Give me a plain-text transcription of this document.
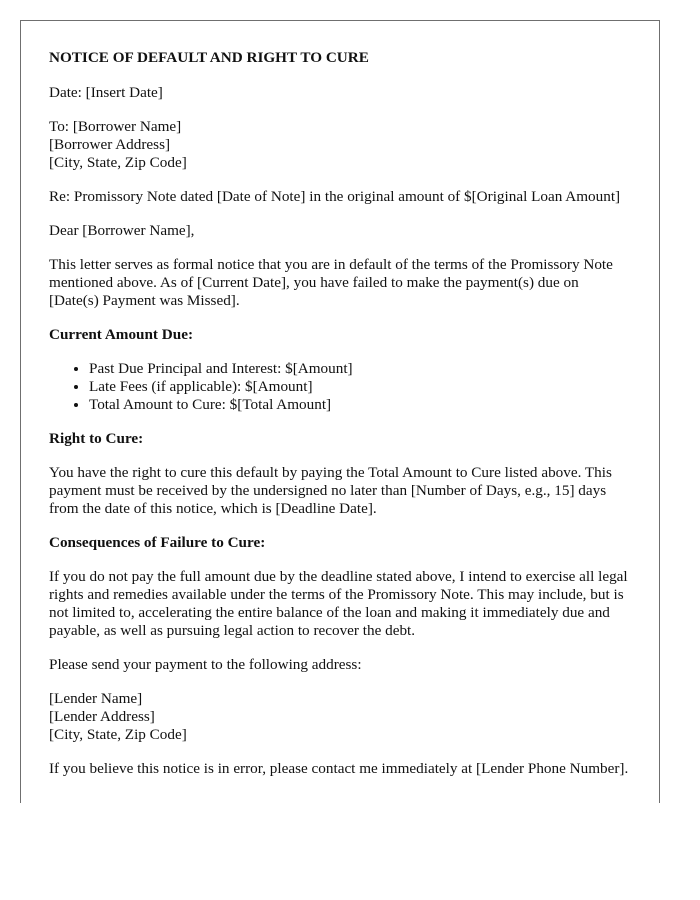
NOTICE OF DEFAULT AND RIGHT TO CURE

Date: [Insert Date]

To: [Borrower Name]
[Borrower Address]
[City, State, Zip Code]

Re: Promissory Note dated [Date of Note] in the original amount of $[Original Loan Amount]

Dear [Borrower Name],

This letter serves as formal notice that you are in default of the terms of the Promissory Note mentioned above. As of [Current Date], you have failed to make the payment(s) due on [Date(s) Payment was Missed].

Current Amount Due:
• Past Due Principal and Interest: $[Amount]
• Late Fees (if applicable): $[Amount]
• Total Amount to Cure: $[Total Amount]
Right to Cure:

You have the right to cure this default by paying the Total Amount to Cure listed above. This payment must be received by the undersigned no later than [Number of Days, e.g., 15] days from the date of this notice, which is [Deadline Date].

Consequences of Failure to Cure:

If you do not pay the full amount due by the deadline stated above, I intend to exercise all legal rights and remedies available under the terms of the Promissory Note. This may include, but is not limited to, accelerating the entire balance of the loan and making it immediately due and payable, as well as pursuing legal action to recover the debt.

Please send your payment to the following address:

[Lender Name]
[Lender Address]
[City, State, Zip Code]

If you believe this notice is in error, please contact me immediately at [Lender Phone Number].
